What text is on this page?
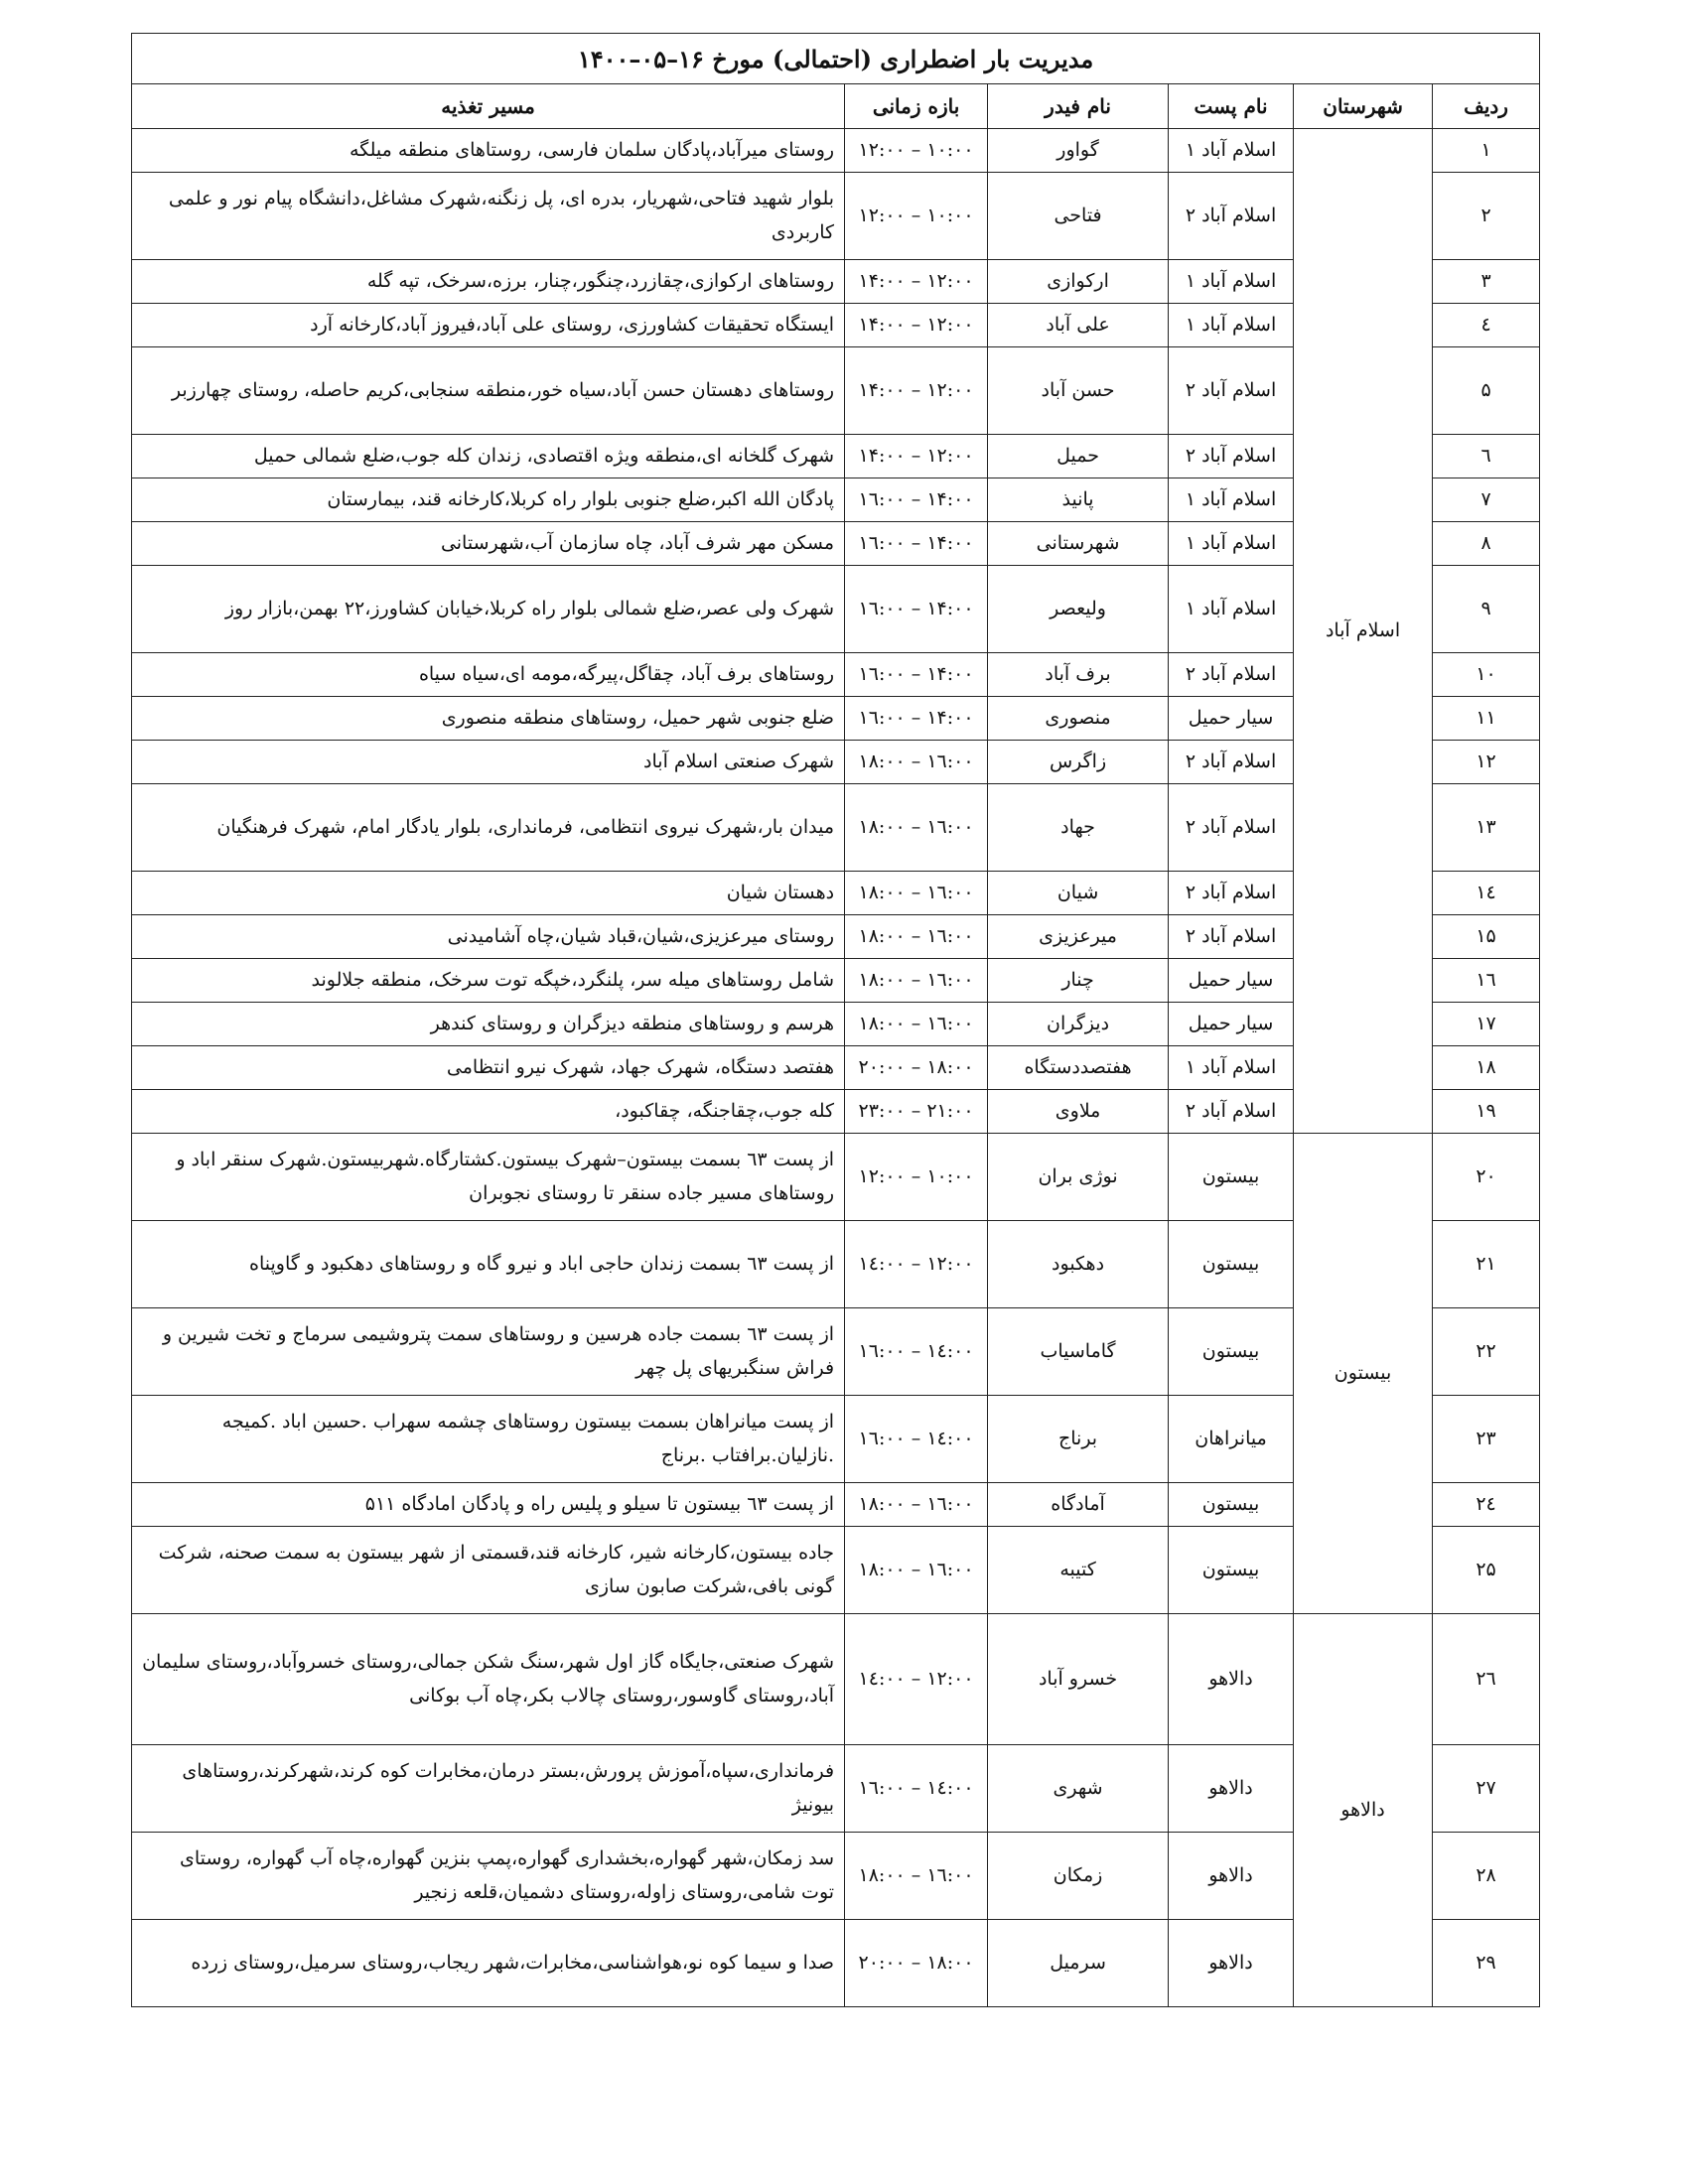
مدیریت بار اضطراری (احتمالی) مورخ ۱۶–۰۵–۱۴۰۰					
ردیف	شهرستان	نام پست	نام فیدر	بازه زمانی	مسیر تغذیه
۱	اسلام آباد	اسلام آباد ۱	گواور	۱۲:۰۰ – ۱۰:۰۰	روستای میرآباد،پادگان سلمان فارسی، روستاهای منطقه میلگه
۲		اسلام آباد ۲	فتاحی	۱۲:۰۰ – ۱۰:۰۰	بلوار شهید فتاحی،شهریار، بدره ای، پل زنگنه،شهرک مشاغل،دانشگاه پیام نور و علمی کاربردی
۳		اسلام آباد ۱	ارکوازی	۱۴:۰۰ – ۱۲:۰۰	روستاهای ارکوازی،چقازرد،چنگور،چنار، برزه،سرخک، تپه گله
٤		اسلام آباد ۱	علی آباد	۱۴:۰۰ – ۱۲:۰۰	ایستگاه تحقیقات کشاورزی، روستای علی آباد،فیروز آباد،کارخانه آرد
۵		اسلام آباد ۲	حسن آباد	۱۴:۰۰ – ۱۲:۰۰	روستاهای دهستان حسن آباد،سیاه خور،منطقه سنجابی،کریم حاصله، روستای چهارزبر
٦		اسلام آباد ۲	حمیل	۱۴:۰۰ – ۱۲:۰۰	شهرک گلخانه ای،منطقه ویژه اقتصادی، زندان کله جوب،ضلع شمالی حمیل
۷		اسلام آباد ۱	پانیذ	۱٦:۰۰ – ۱۴:۰۰	پادگان الله اکبر،ضلع جنوبی بلوار راه کربلا،کارخانه قند، بیمارستان
۸		اسلام آباد ۱	شهرستانی	۱٦:۰۰ – ۱۴:۰۰	مسکن مهر شرف آباد، چاه سازمان آب،شهرستانی
۹		اسلام آباد ۱	ولیعصر	۱٦:۰۰ – ۱۴:۰۰	شهرک ولی عصر،ضلع شمالی بلوار راه کربلا،خیابان کشاورز،۲۲ بهمن،بازار روز
۱۰		اسلام آباد ۲	برف آباد	۱٦:۰۰ – ۱۴:۰۰	روستاهای برف آباد، چقاگل،پیرگه،مومه ای،سیاه سیاه
۱۱		سیار حمیل	منصوری	۱٦:۰۰ – ۱۴:۰۰	ضلع جنوبی شهر حمیل، روستاهای منطقه منصوری
۱۲		اسلام آباد ۲	زاگرس	۱۸:۰۰ – ۱٦:۰۰	شهرک صنعتی اسلام آباد
۱۳		اسلام آباد ۲	جهاد	۱۸:۰۰ – ۱٦:۰۰	میدان بار،شهرک نیروی انتظامی، فرمانداری، بلوار یادگار امام، شهرک فرهنگیان
۱٤		اسلام آباد ۲	شیان	۱۸:۰۰ – ۱٦:۰۰	دهستان شیان
۱۵		اسلام آباد ۲	میرعزیزی	۱۸:۰۰ – ۱٦:۰۰	روستای میرعزیزی،شیان،قباد شیان،چاه آشامیدنی
۱٦		سیار حمیل	چنار	۱۸:۰۰ – ۱٦:۰۰	شامل روستاهای میله سر، پلنگرد،خپگه توت سرخک، منطقه جلالوند
۱۷		سیار حمیل	دیزگران	۱۸:۰۰ – ۱٦:۰۰	هرسم و روستاهای منطقه دیزگران و روستای کندهر
۱۸		اسلام آباد ۱	هفتصددستگاه	۲۰:۰۰ – ۱۸:۰۰	هفتصد دستگاه، شهرک جهاد، شهرک نیرو انتظامی
۱۹		اسلام آباد ۲	ملاوی	۲۳:۰۰ – ۲۱:۰۰	کله جوب،چقاجنگه، چقاکبود،
۲۰	بیستون	بیستون	نوژی بران	۱۲:۰۰ – ۱۰:۰۰	از پست ٦۳ بسمت بیستون–شهرک بیستون.کشتارگاه.شهربیستون.شهرک سنقر اباد و روستاهای مسیر جاده سنقر تا روستای نجوبران
۲۱		بیستون	دهکبود	۱٤:۰۰ – ۱۲:۰۰	از پست ٦۳ بسمت زندان حاجی اباد و نیرو گاه و روستاهای دهکبود و گاوپناه
۲۲		بیستون	گاماسیاب	۱٦:۰۰ – ۱٤:۰۰	از پست ٦۳ بسمت جاده هرسین و روستاهای سمت پتروشیمی سرماج و تخت شیرین و فراش سنگبریهای پل چهر
۲۳		میانراهان	برناج	۱٦:۰۰ – ۱٤:۰۰	از پست میانراهان بسمت بیستون روستاهای چشمه سهراب .حسین اباد .کمیجه .نازلیان.برافتاب .برناج
۲٤		بیستون	آمادگاه	۱۸:۰۰ – ۱٦:۰۰	از پست ٦۳ بیستون تا سیلو و پلیس راه و پادگان امادگاه ۵۱۱
۲۵		بیستون	کتیبه	۱۸:۰۰ – ۱٦:۰۰	جاده بیستون،کارخانه شیر، کارخانه قند،قسمتی از شهر بیستون به سمت صحنه، شرکت گونی بافی،شرکت صابون سازی
۲٦	دالاهو	دالاهو	خسرو آباد	۱٤:۰۰ – ۱۲:۰۰	شهرک صنعتی،جایگاه گاز اول شهر،سنگ شکن جمالی،روستای خسروآباد،روستای سلیمان آباد،روستای گاوسور،روستای چالاب بکر،چاه آب بوکانی
۲۷		دالاهو	شهری	۱٦:۰۰ – ۱٤:۰۰	فرمانداری،سپاه،آموزش پرورش،بستر درمان،مخابرات کوه کرند،شهرکرند،روستاهای بیونیژ
۲۸		دالاهو	زمکان	۱۸:۰۰ – ۱٦:۰۰	سد زمکان،شهر گهواره،بخشداری گهواره،پمپ بنزین گهواره،چاه آب گهواره، روستای توت شامی،روستای زاوله،روستای دشمیان،قلعه زنجیر
۲۹		دالاهو	سرمیل	۲۰:۰۰ – ۱۸:۰۰	صدا و سیما کوه نو،هواشناسی،مخابرات،شهر ریجاب،روستای سرمیل،روستای زرده
